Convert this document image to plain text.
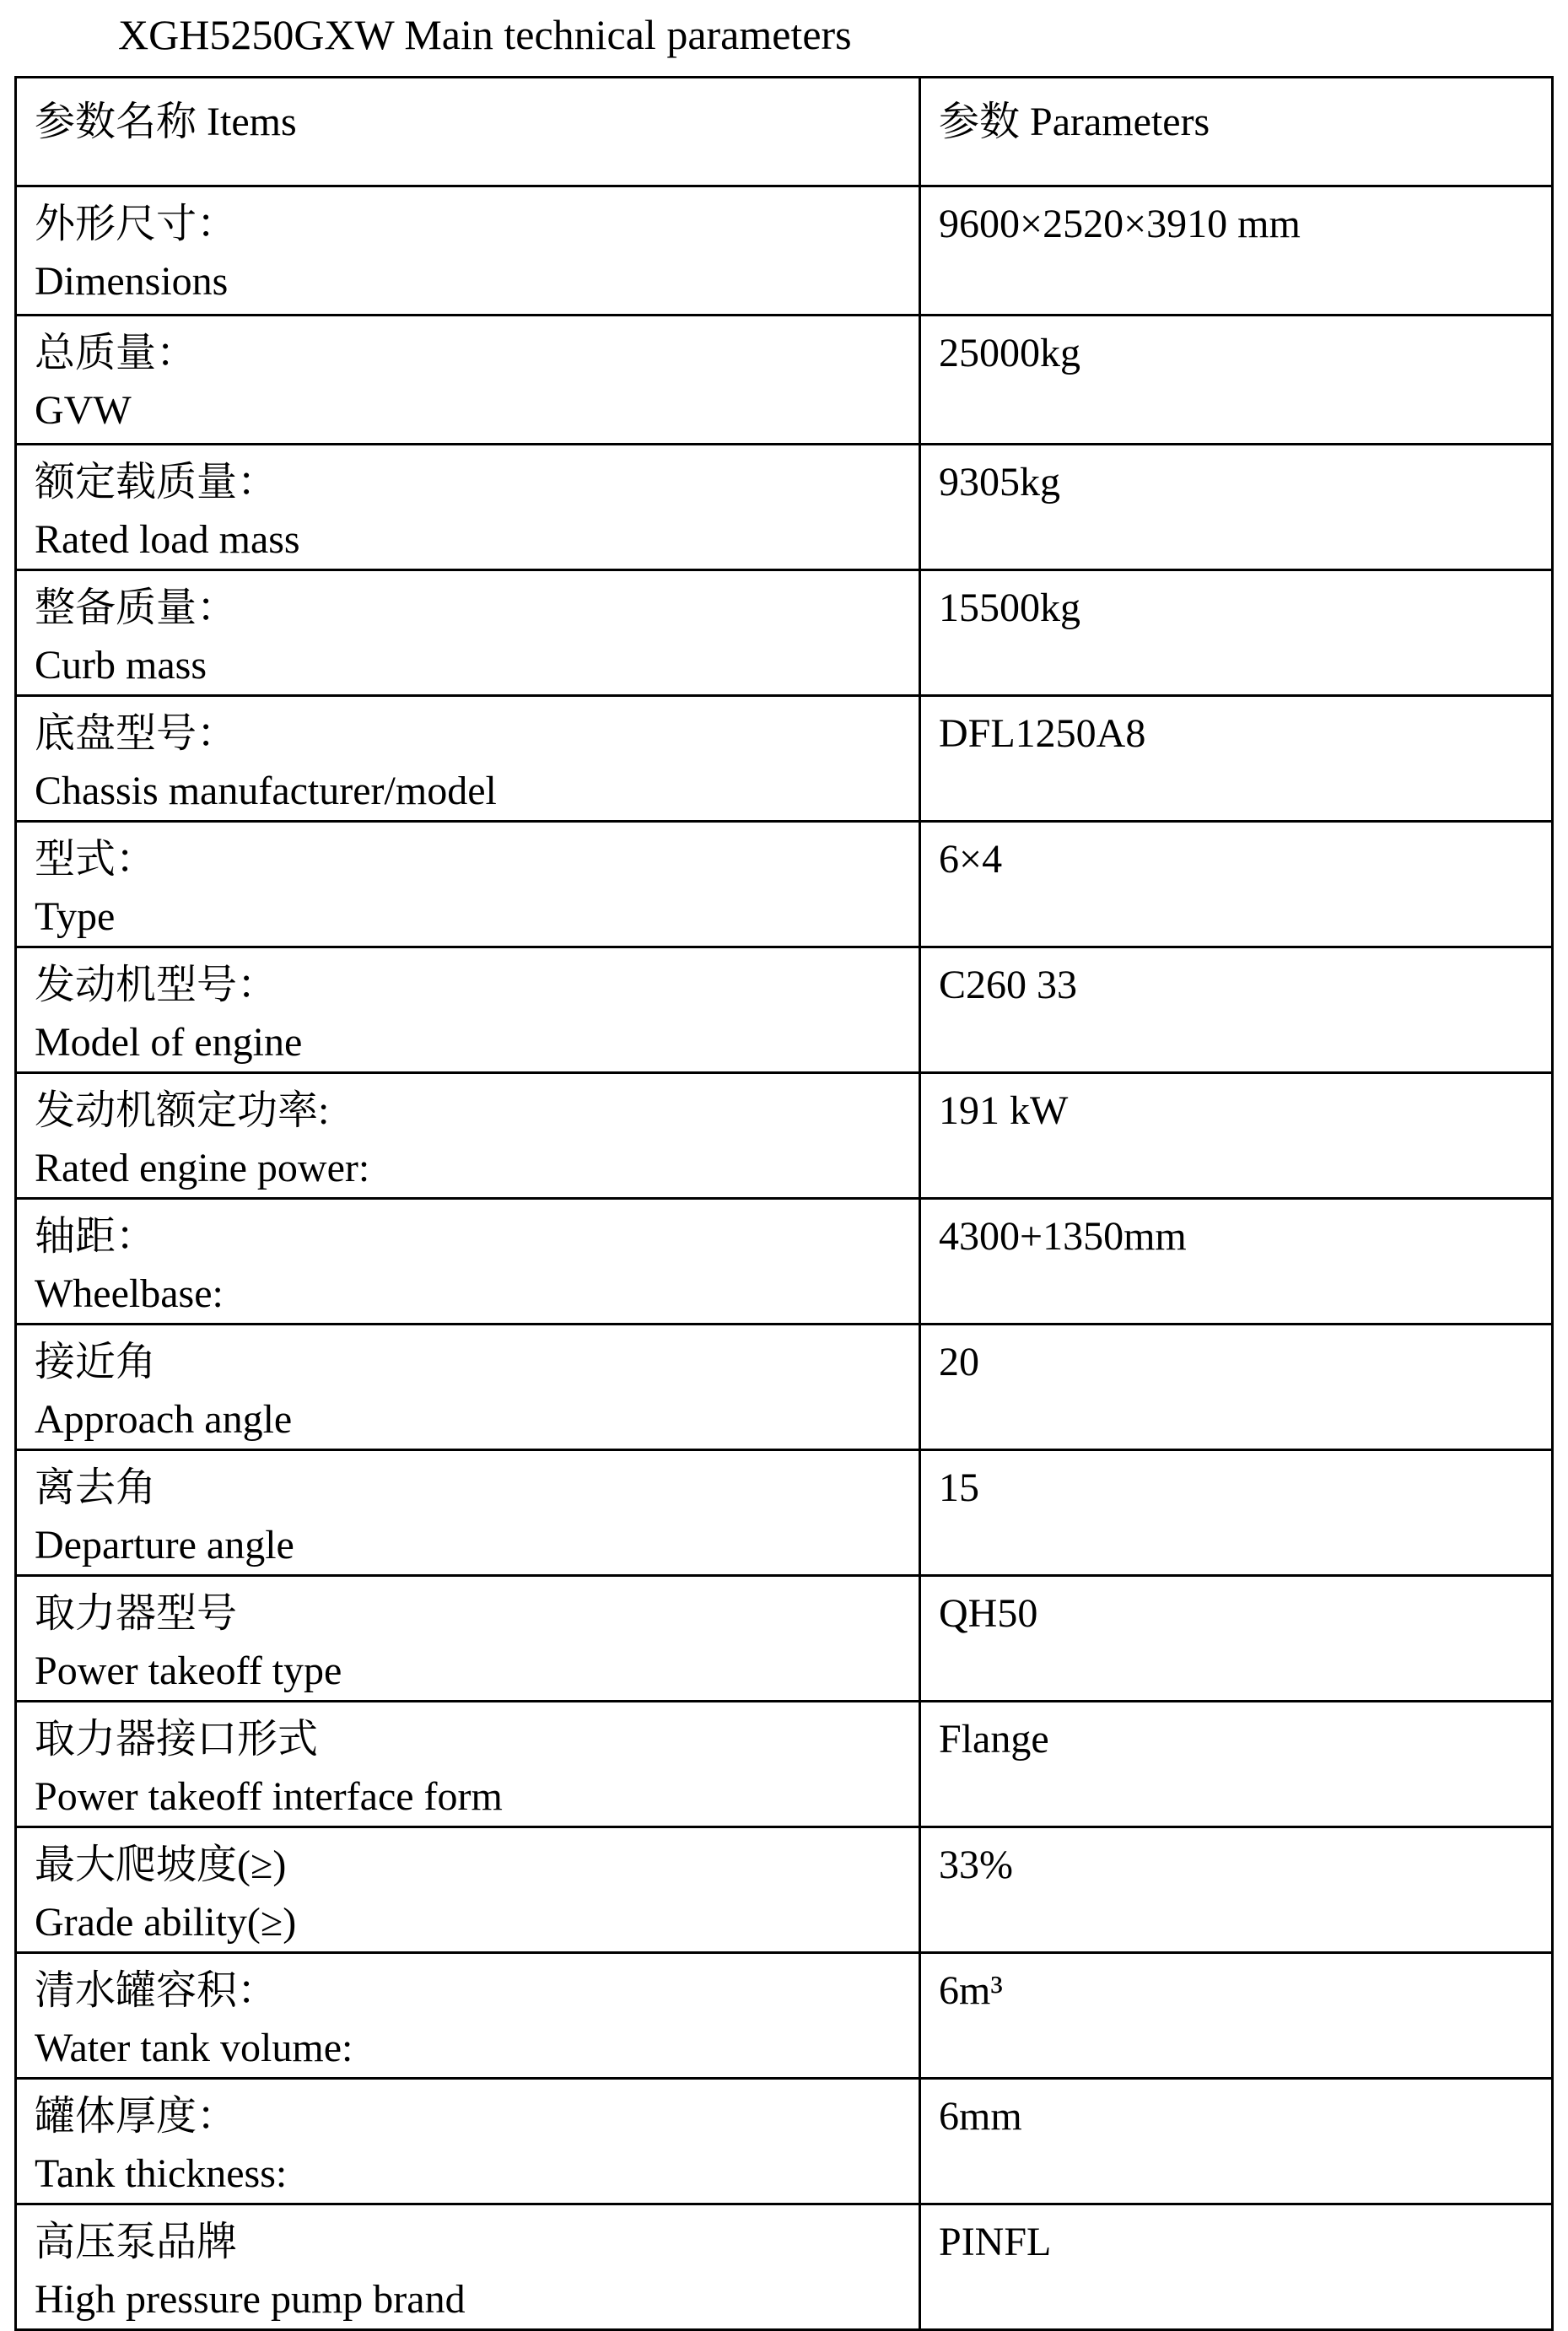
XGH5250GXW Main technical parameters
参数名称 Items	参数 Parameters

外形尺寸：
Dimensions	9600×2520×3910 mm

总质量：
GVW	25000kg

额定载质量：
Rated load mass	9305kg

整备质量：
Curb mass	15500kg

底盘型号：
Chassis manufacturer/model	DFL1250A8

型式：
Type	6×4

发动机型号：
Model of engine	C260 33

发动机额定功率:
Rated engine power:	191 kW

轴距：
Wheelbase:	4300+1350mm

接近角
Approach angle	20

离去角
Departure angle	15

取力器型号
Power takeoff type	QH50

取力器接口形式
Power takeoff interface form	Flange

最大爬坡度(≥)
Grade ability(≥)	33%

清水罐容积：
Water tank volume:	6m³

罐体厚度：
Tank thickness:	6mm

高压泵品牌
High pressure pump brand	PINFL
